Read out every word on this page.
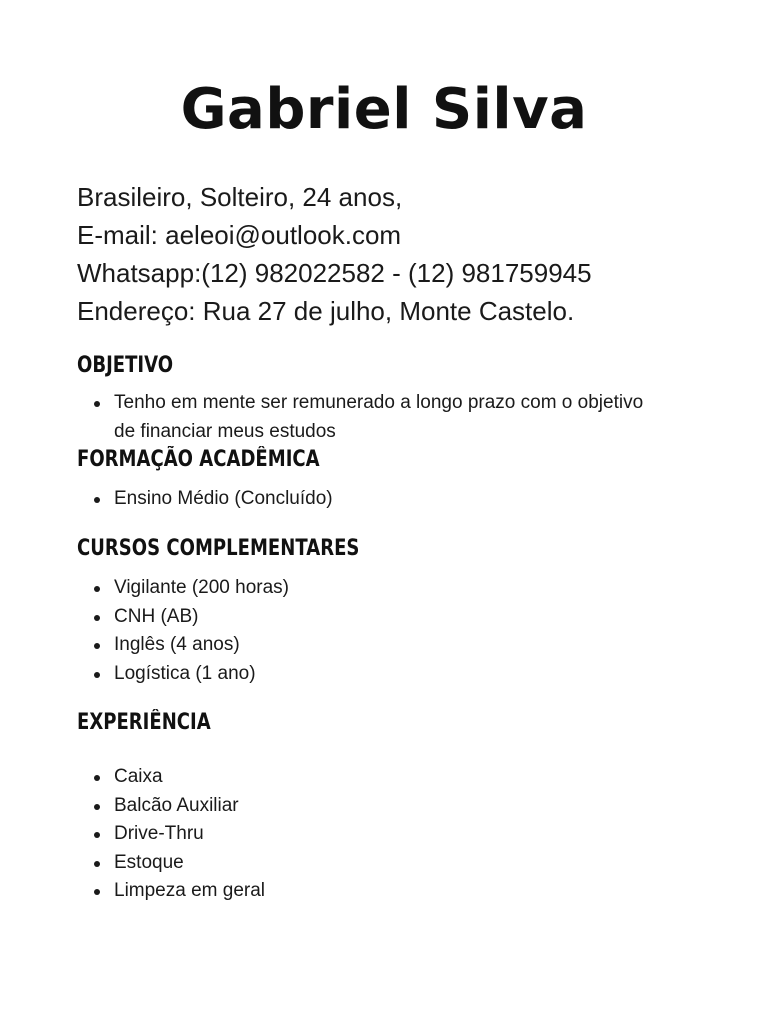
Gabriel Silva
Brasileiro, Solteiro, 24 anos,
E-mail: aeleoi@outlook.com
Whatsapp:(12) 982022582 - (12) 981759945
Endereço: Rua 27 de julho, Monte Castelo.
OBJETIVO
Tenho em mente ser remunerado a longo prazo com o objetivo de financiar meus estudos
FORMAÇÃO ACADÊMICA
Ensino Médio (Concluído)
CURSOS COMPLEMENTARES
Vigilante (200 horas)
CNH (AB)
Inglês (4 anos)
Logística (1 ano)
EXPERIÊNCIA
Caixa
Balcão Auxiliar
Drive-Thru
Estoque
Limpeza em geral
